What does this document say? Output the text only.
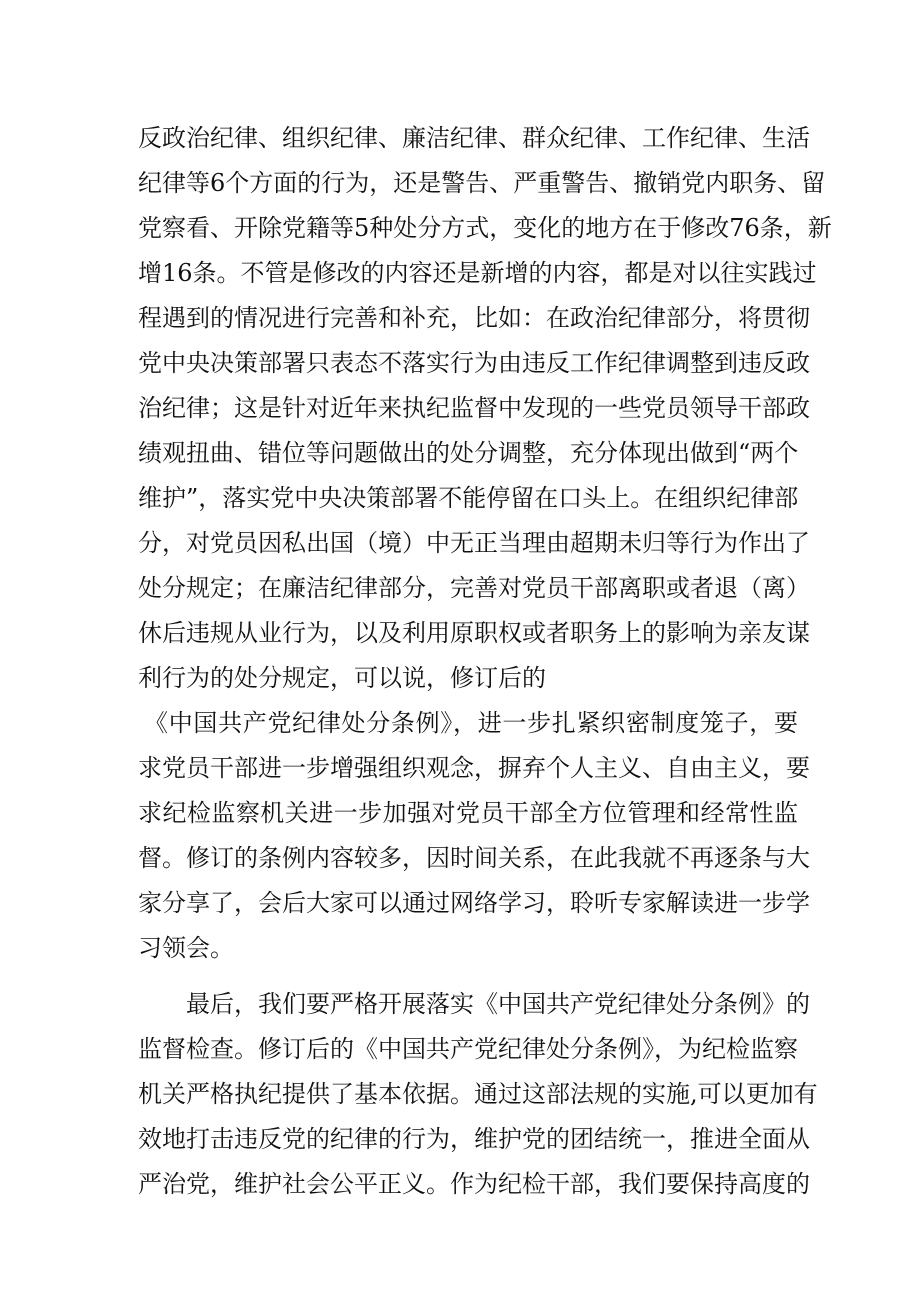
反政治纪律、组织纪律、廉洁纪律、群众纪律、工作纪律、生活
纪律等6个方面的行为，还是警告、严重警告、撤销党内职务、留
党察看、开除党籍等5种处分方式，变化的地方在于修改76条，新
增16条。不管是修改的内容还是新增的内容，都是对以往实践过
程遇到的情况进行完善和补充，比如：在政治纪律部分，将贯彻
党中央决策部署只表态不落实行为由违反工作纪律调整到违反政
治纪律；这是针对近年来执纪监督中发现的一些党员领导干部政
绩观扭曲、错位等问题做出的处分调整，充分体现出做到“两个
维护”，落实党中央决策部署不能停留在口头上。在组织纪律部
分，对党员因私出国（境）中无正当理由超期未归等行为作出了
处分规定；在廉洁纪律部分，完善对党员干部离职或者退（离）
休后违规从业行为，以及利用原职权或者职务上的影响为亲友谋
利行为的处分规定，可以说，修订后的
《中国共产党纪律处分条例》，进一步扎紧织密制度笼子，要
求党员干部进一步增强组织观念，摒弃个人主义、自由主义，要
求纪检监察机关进一步加强对党员干部全方位管理和经常性监
督。修订的条例内容较多，因时间关系，在此我就不再逐条与大
家分享了，会后大家可以通过网络学习，聆听专家解读进一步学
习领会。
最后，我们要严格开展落实《中国共产党纪律处分条例》的
监督检查。修订后的《中国共产党纪律处分条例》，为纪检监察
机关严格执纪提供了基本依据。通过这部法规的实施,可以更加有
效地打击违反党的纪律的行为，维护党的团结统一，推进全面从
严治党，维护社会公平正义。作为纪检干部，我们要保持高度的
